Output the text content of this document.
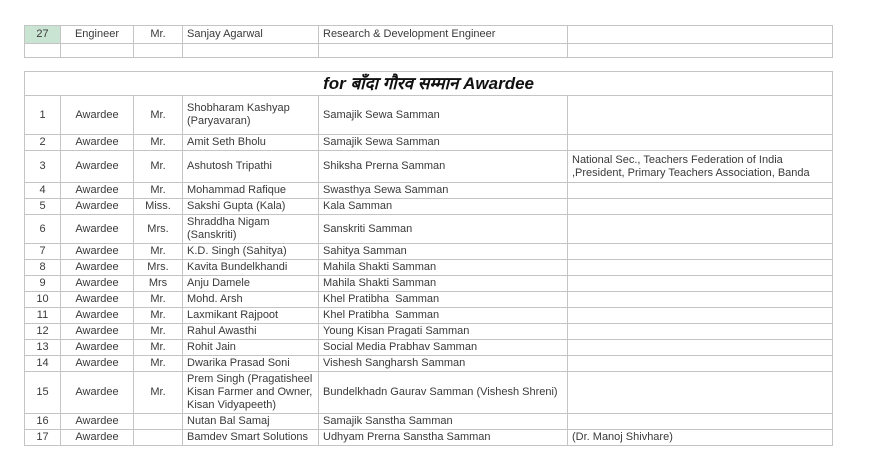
27	Engineer	Mr.	Sanjay Agarwal	Research & Development Engineer	

for बाँदा गौरव सम्मान Awardee					
1	Awardee	Mr.	Shobharam Kashyap (Paryavaran)	Samajik Sewa Samman	
2	Awardee	Mr.	Amit Seth Bholu	Samajik Sewa Samman	
3	Awardee	Mr.	Ashutosh Tripathi	Shiksha Prerna Samman	National Sec., Teachers Federation of India ,President, Primary Teachers Association, Banda
4	Awardee	Mr.	Mohammad Rafique	Swasthya Sewa Samman	
5	Awardee	Miss.	Sakshi Gupta (Kala)	Kala Samman	
6	Awardee	Mrs.	Shraddha Nigam (Sanskriti)	Sanskriti Samman	
7	Awardee	Mr.	K.D. Singh (Sahitya)	Sahitya Samman	
8	Awardee	Mrs.	Kavita Bundelkhandi	Mahila Shakti Samman	
9	Awardee	Mrs	Anju Damele	Mahila Shakti Samman	
10	Awardee	Mr.	Mohd. Arsh	Khel Pratibha  Samman	
11	Awardee	Mr.	Laxmikant Rajpoot	Khel Pratibha  Samman	
12	Awardee	Mr.	Rahul Awasthi	Young Kisan Pragati Samman	
13	Awardee	Mr.	Rohit Jain	Social Media Prabhav Samman	
14	Awardee	Mr.	Dwarika Prasad Soni	Vishesh Sangharsh Samman	
15	Awardee	Mr.	Prem Singh (Pragatisheel Kisan Farmer and Owner, Kisan Vidyapeeth)	Bundelkhadn Gaurav Samman (Vishesh Shreni)	
16	Awardee		Nutan Bal Samaj	Samajik Sanstha Samman	
17	Awardee		Bamdev Smart Solutions	Udhyam Prerna Sanstha Samman	(Dr. Manoj Shivhare)
